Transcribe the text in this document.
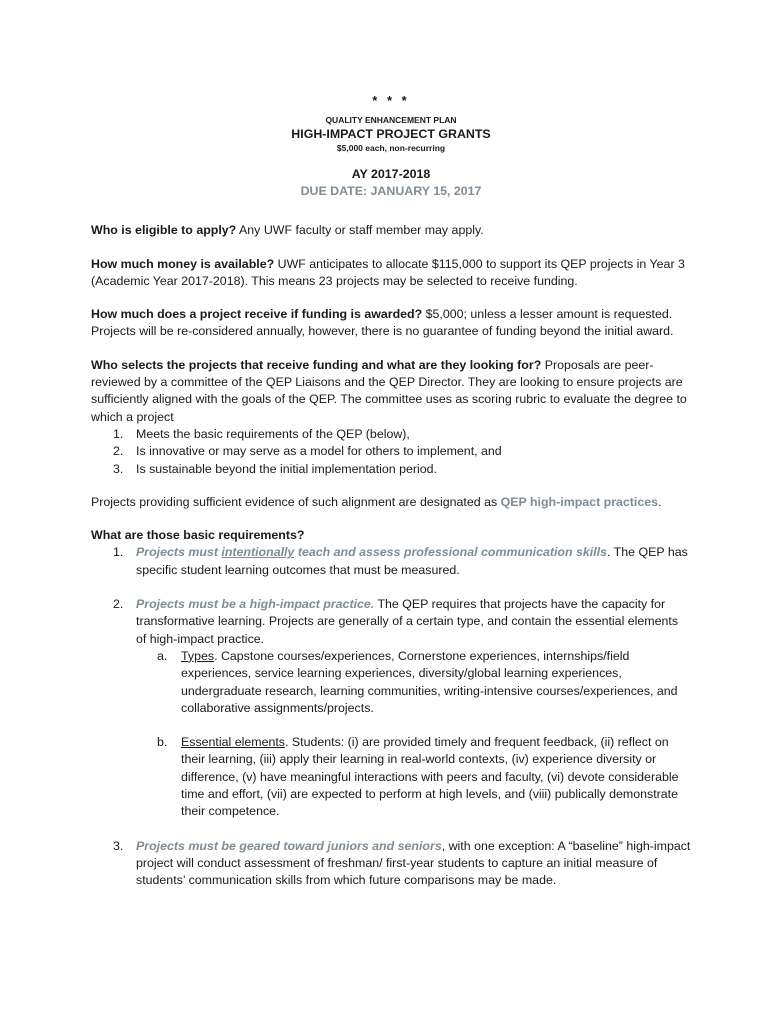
* * *
QUALITY ENHANCEMENT PLAN
HIGH-IMPACT PROJECT GRANTS
$5,000 each, non-recurring
AY 2017-2018
DUE DATE: JANUARY 15, 2017

Who is eligible to apply? Any UWF faculty or staff member may apply.

How much money is available? UWF anticipates to allocate $115,000 to support its QEP projects in Year 3 (Academic Year 2017-2018). This means 23 projects may be selected to receive funding.

How much does a project receive if funding is awarded? $5,000; unless a lesser amount is requested. Projects will be re-considered annually, however, there is no guarantee of funding beyond the initial award.

Who selects the projects that receive funding and what are they looking for? Proposals are peer-reviewed by a committee of the QEP Liaisons and the QEP Director. They are looking to ensure projects are sufficiently aligned with the goals of the QEP. The committee uses as scoring rubric to evaluate the degree to which a project

1. Meets the basic requirements of the QEP (below),
2. Is innovative or may serve as a model for others to implement, and
3. Is sustainable beyond the initial implementation period.

Projects providing sufficient evidence of such alignment are designated as QEP high-impact practices.

What are those basic requirements?

1. Projects must intentionally teach and assess professional communication skills. The QEP has specific student learning outcomes that must be measured.
2. Projects must be a high-impact practice. The QEP requires that projects have the capacity for transformative learning. Projects are generally of a certain type, and contain the essential elements of high-impact practice.
a. Types. Capstone courses/experiences, Cornerstone experiences, internships/field experiences, service learning experiences, diversity/global learning experiences, undergraduate research, learning communities, writing-intensive courses/experiences, and collaborative assignments/projects.
b. Essential elements. Students: (i) are provided timely and frequent feedback, (ii) reflect on their learning, (iii) apply their learning in real-world contexts, (iv) experience diversity or difference, (v) have meaningful interactions with peers and faculty, (vi) devote considerable time and effort, (vii) are expected to perform at high levels, and (viii) publically demonstrate their competence.
3. Projects must be geared toward juniors and seniors, with one exception: A “baseline” high-impact project will conduct assessment of freshman/ first-year students to capture an initial measure of students’ communication skills from which future comparisons may be made.
